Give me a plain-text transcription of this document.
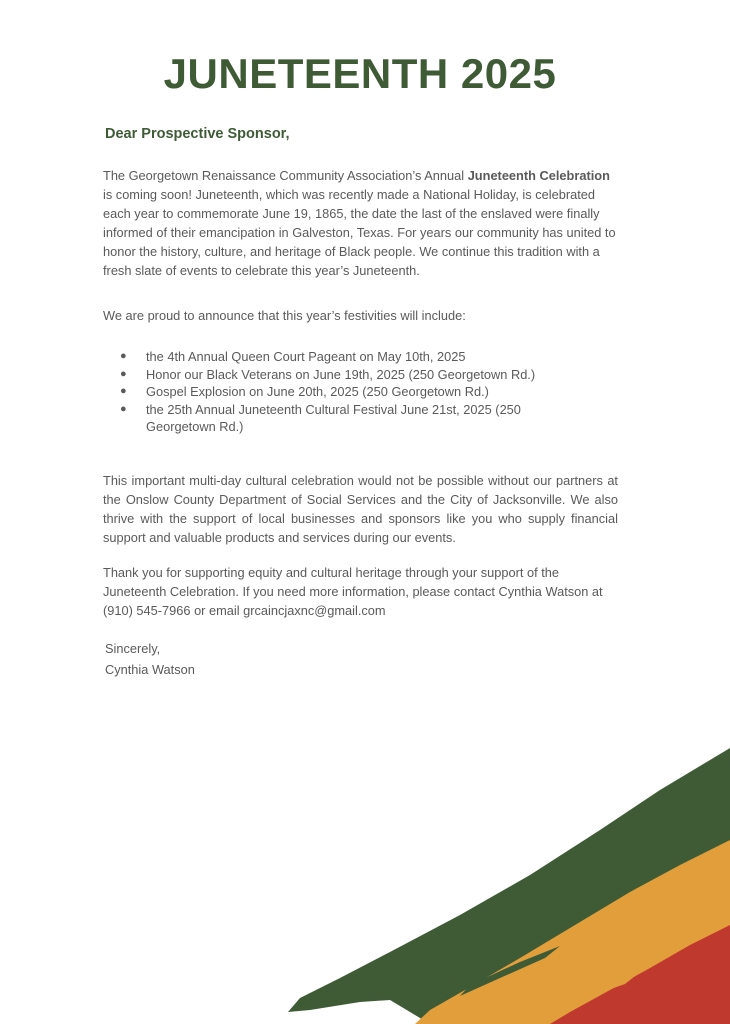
JUNETEENTH 2025

Dear Prospective Sponsor,

The Georgetown Renaissance Community Association’s Annual Juneteenth Celebration is coming soon! Juneteenth, which was recently made a National Holiday, is celebrated each year to commemorate June 19, 1865, the date the last of the enslaved were finally informed of their emancipation in Galveston, Texas. For years our community has united to honor the history, culture, and heritage of Black people. We continue this tradition with a fresh slate of events to celebrate this year’s Juneteenth.

We are proud to announce that this year’s festivities will include:

● the 4th Annual Queen Court Pageant on May 10th, 2025
● Honor our Black Veterans on June 19th, 2025 (250 Georgetown Rd.)
● Gospel Explosion on June 20th, 2025 (250 Georgetown Rd.)
● the 25th Annual Juneteenth Cultural Festival June 21st, 2025 (250 Georgetown Rd.)

This important multi-day cultural celebration would not be possible without our partners at the Onslow County Department of Social Services and the City of Jacksonville. We also thrive with the support of local businesses and sponsors like you who supply financial support and valuable products and services during our events.

Thank you for supporting equity and cultural heritage through your support of the Juneteenth Celebration. If you need more information, please contact Cynthia Watson at (910) 545-7966 or email grcaincjaxnc@gmail.com

Sincerely,
Cynthia Watson
